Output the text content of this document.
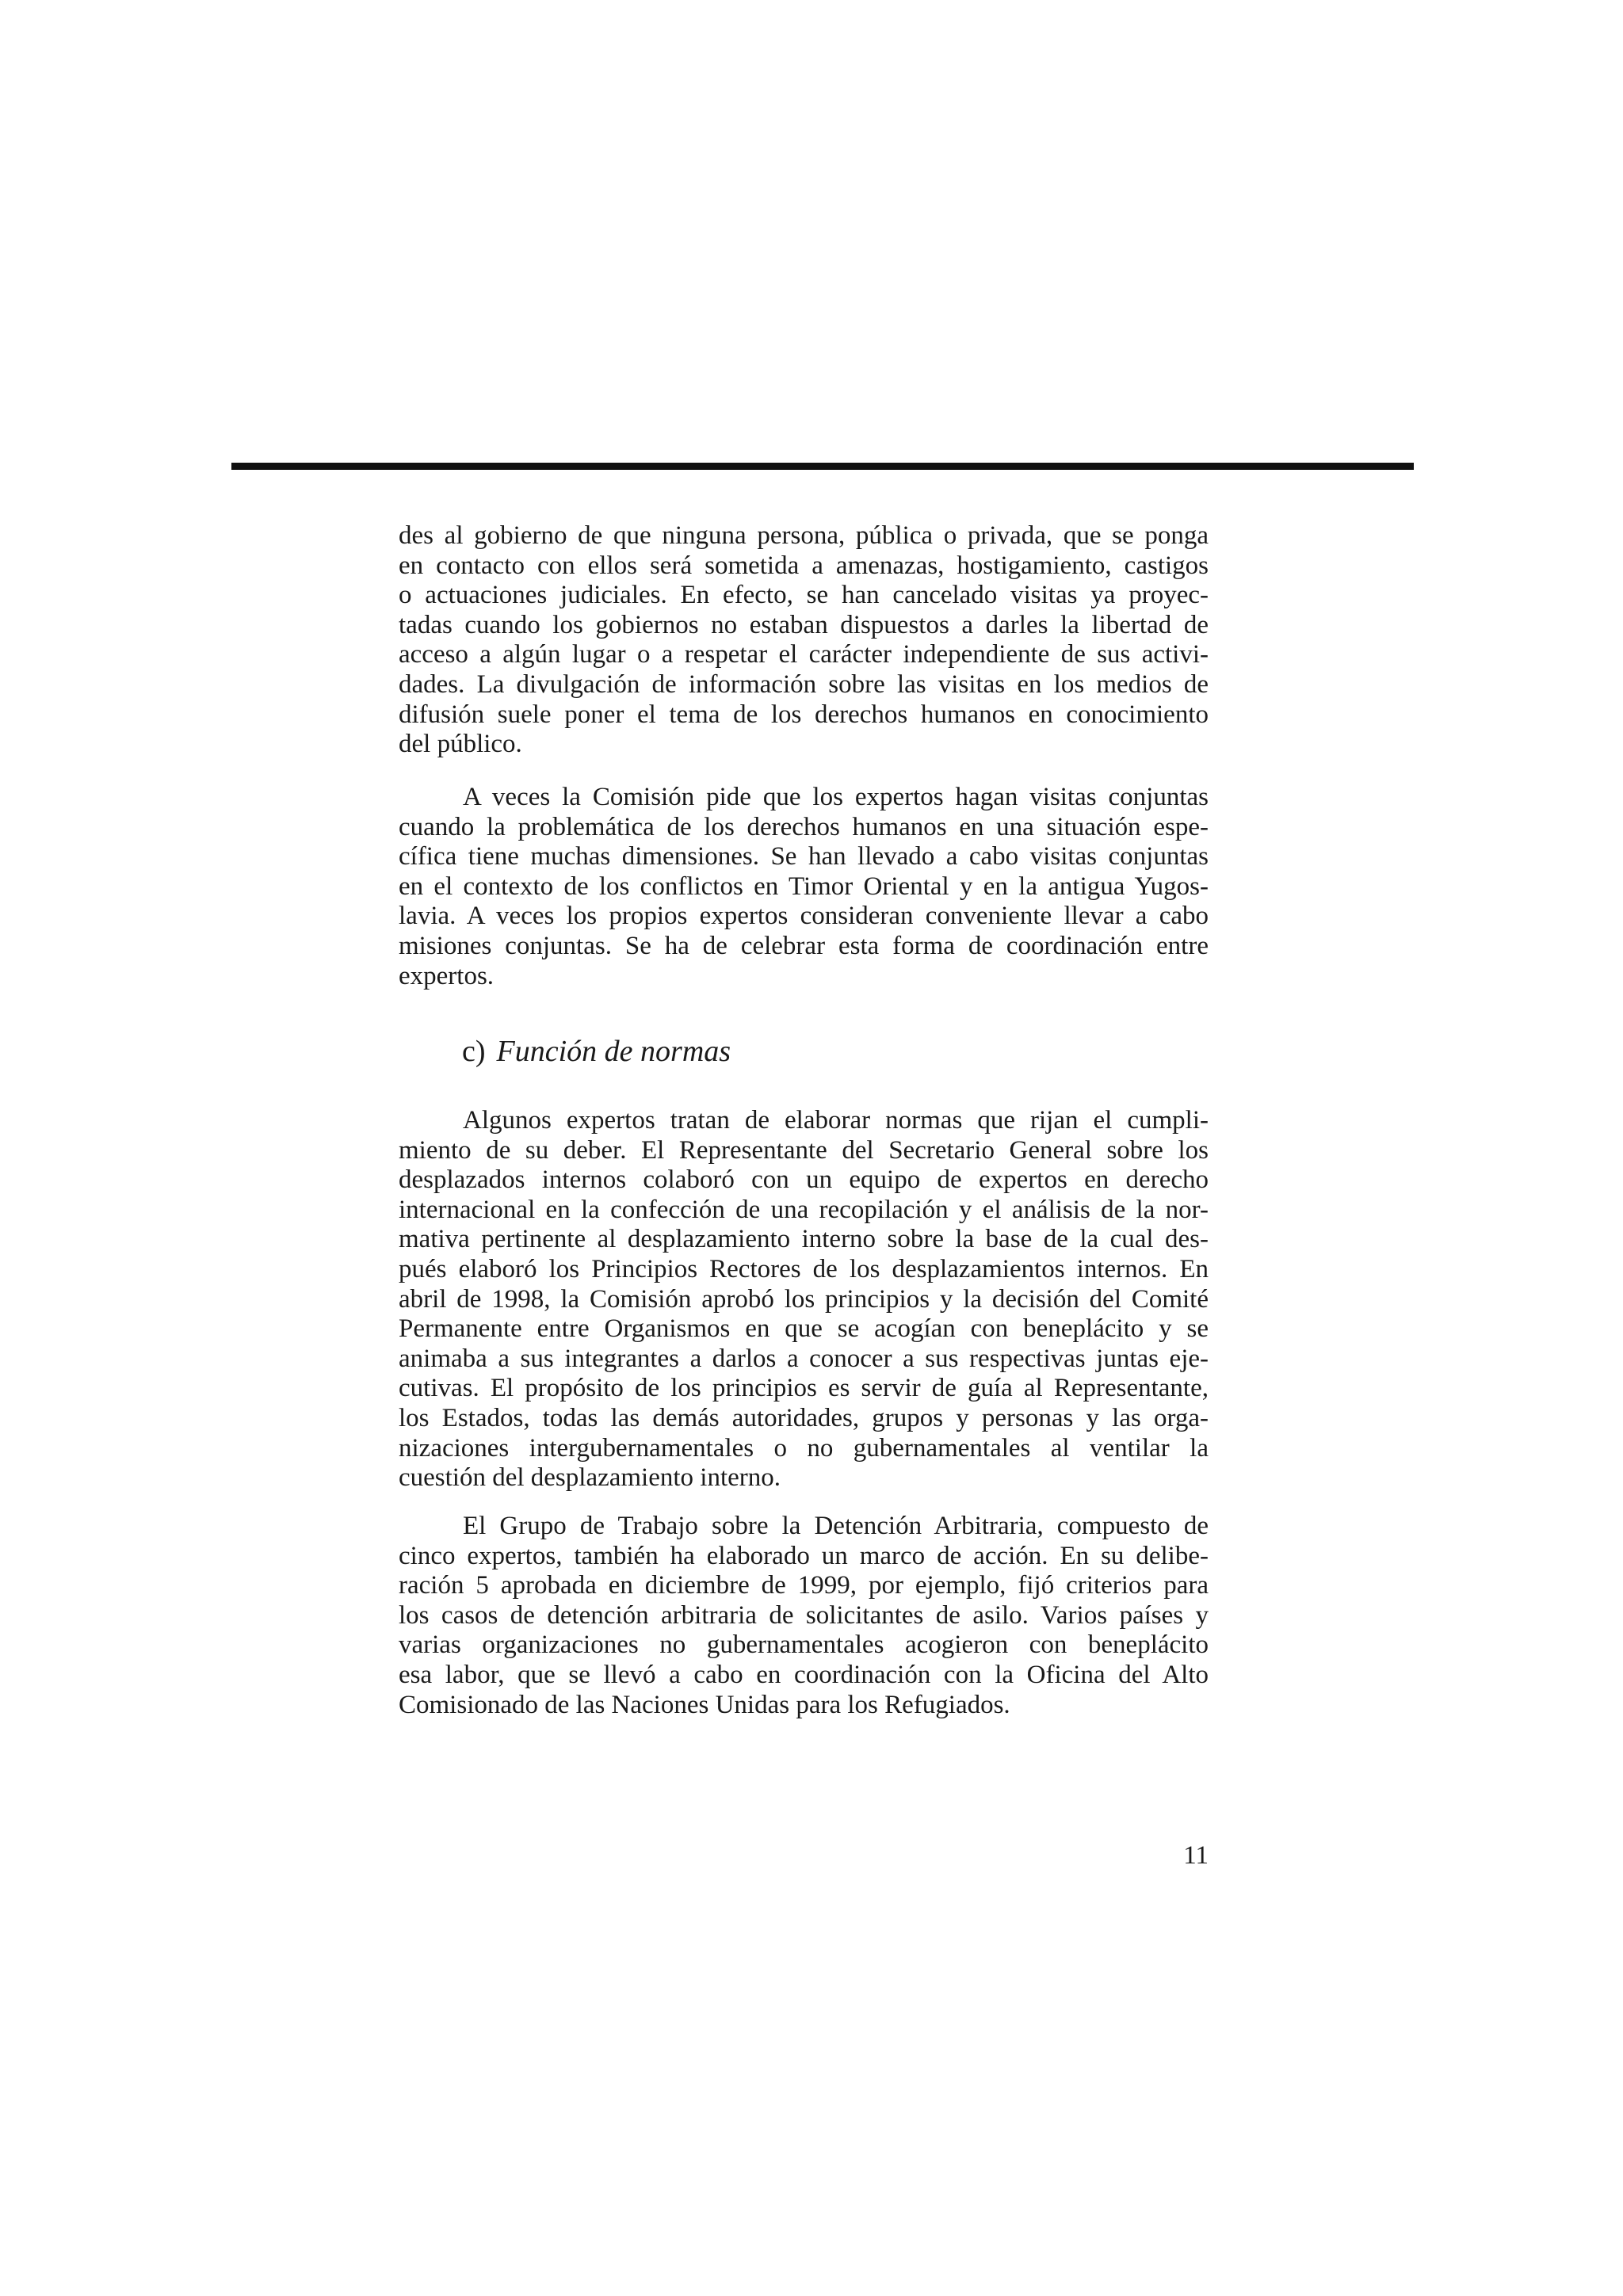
des al gobierno de que ninguna persona, pública o privada, que se ponga
en contacto con ellos será sometida a amenazas, hostigamiento, castigos
o actuaciones judiciales. En efecto, se han cancelado visitas ya proyec-
tadas cuando los gobiernos no estaban dispuestos a darles la libertad de
acceso a algún lugar o a respetar el carácter independiente de sus activi-
dades. La divulgación de información sobre las visitas en los medios de
difusión suele poner el tema de los derechos humanos en conocimiento
del público.
A veces la Comisión pide que los expertos hagan visitas conjuntas
cuando la problemática de los derechos humanos en una situación espe-
cífica tiene muchas dimensiones. Se han llevado a cabo visitas conjuntas
en el contexto de los conflictos en Timor Oriental y en la antigua Yugos-
lavia. A veces los propios expertos consideran conveniente llevar a cabo
misiones conjuntas. Se ha de celebrar esta forma de coordinación entre
expertos.
c) Función de normas
Algunos expertos tratan de elaborar normas que rijan el cumpli-
miento de su deber. El Representante del Secretario General sobre los
desplazados internos colaboró con un equipo de expertos en derecho
internacional en la confección de una recopilación y el análisis de la nor-
mativa pertinente al desplazamiento interno sobre la base de la cual des-
pués elaboró los Principios Rectores de los desplazamientos internos. En
abril de 1998, la Comisión aprobó los principios y la decisión del Comité
Permanente entre Organismos en que se acogían con beneplácito y se
animaba a sus integrantes a darlos a conocer a sus respectivas juntas eje-
cutivas. El propósito de los principios es servir de guía al Representante,
los Estados, todas las demás autoridades, grupos y personas y las orga-
nizaciones intergubernamentales o no gubernamentales al ventilar la
cuestión del desplazamiento interno.
El Grupo de Trabajo sobre la Detención Arbitraria, compuesto de
cinco expertos, también ha elaborado un marco de acción. En su delibe-
ración 5 aprobada en diciembre de 1999, por ejemplo, fijó criterios para
los casos de detención arbitraria de solicitantes de asilo. Varios países y
varias organizaciones no gubernamentales acogieron con beneplácito
esa labor, que se llevó a cabo en coordinación con la Oficina del Alto
Comisionado de las Naciones Unidas para los Refugiados.
11
